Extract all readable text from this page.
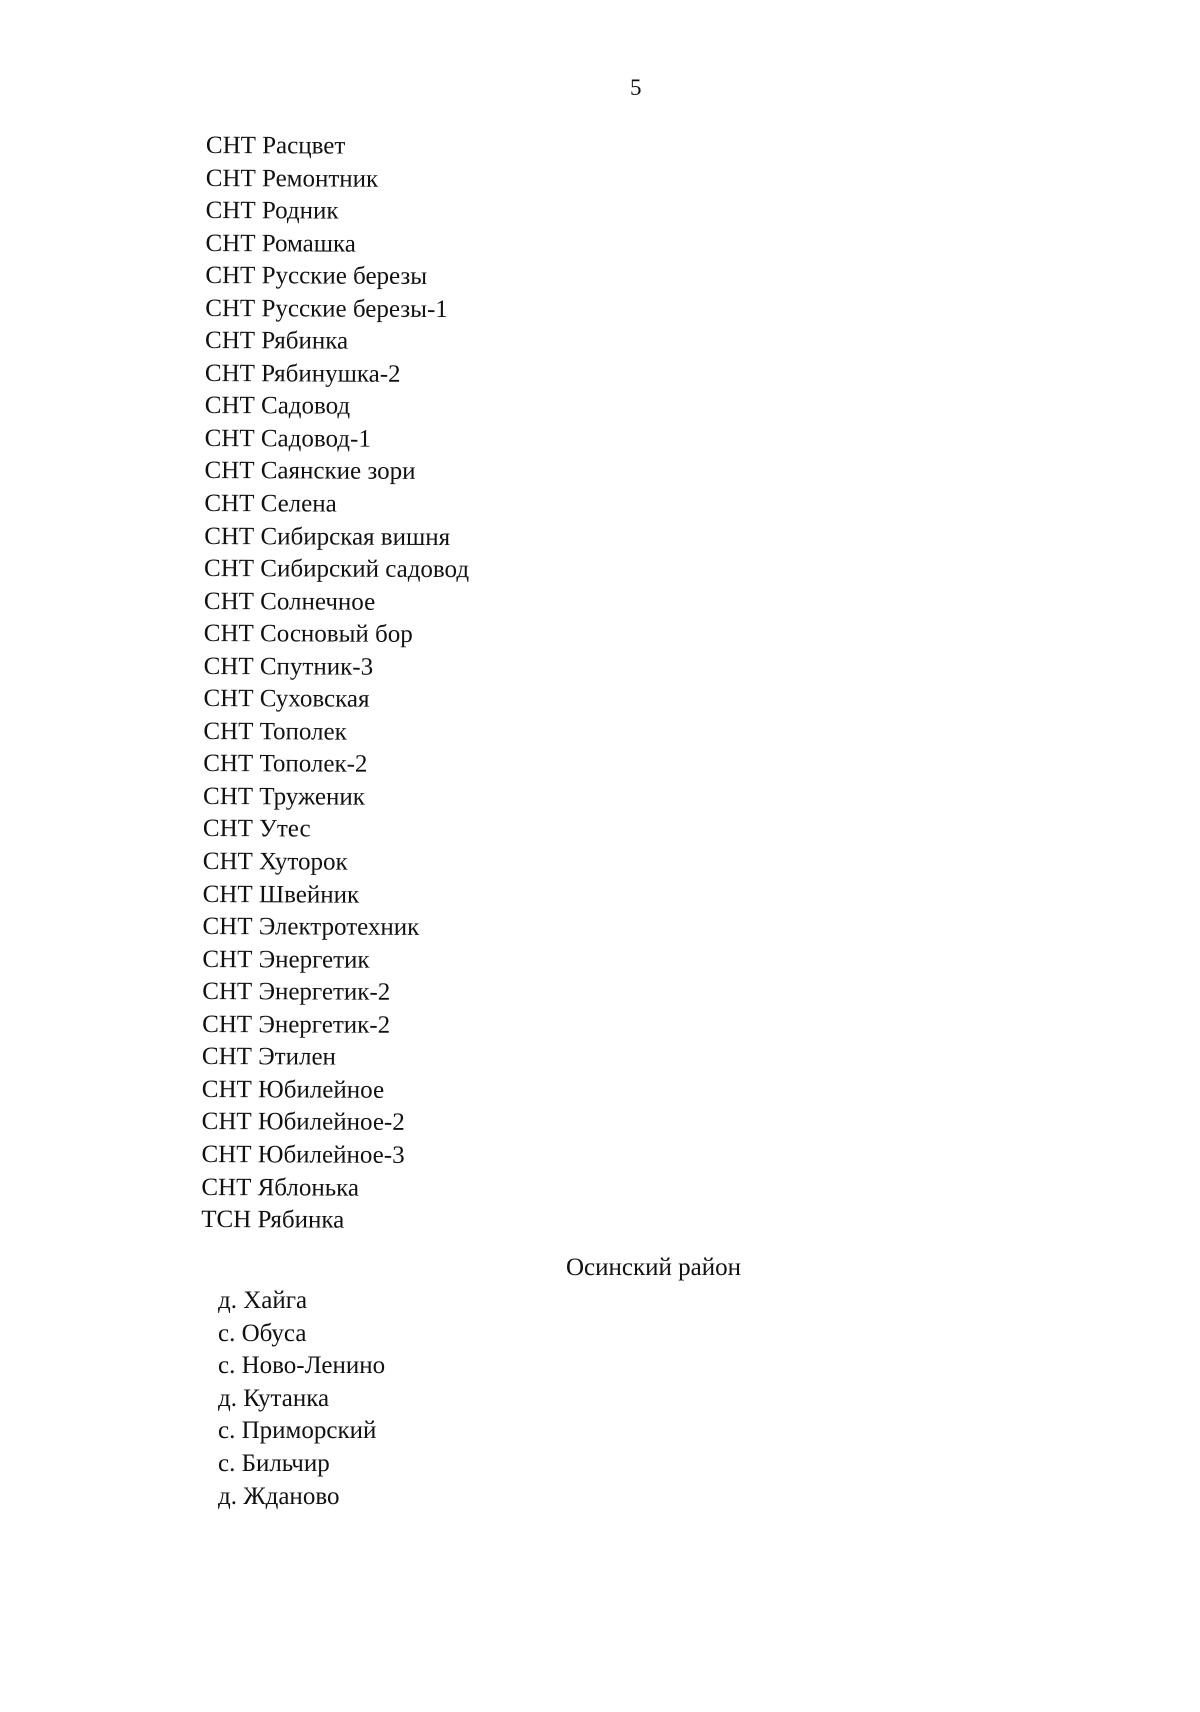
5
СНТ Расцвет
СНТ Ремонтник
СНТ Родник
СНТ Ромашка
СНТ Русские березы
СНТ Русские березы-1
СНТ Рябинка
СНТ Рябинушка-2
СНТ Садовод
СНТ Садовод-1
СНТ Саянские зори
СНТ Селена
СНТ Сибирская вишня
СНТ Сибирский садовод
СНТ Солнечное
СНТ Сосновый бор
СНТ Спутник-3
СНТ Суховская
СНТ Тополек
СНТ Тополек-2
СНТ Труженик
СНТ Утес
СНТ Хуторок
СНТ Швейник
СНТ Электротехник
СНТ Энергетик
СНТ Энергетик-2
СНТ Энергетик-2
СНТ Этилен
СНТ Юбилейное
СНТ Юбилейное-2
СНТ Юбилейное-3
СНТ Яблонька
ТСН Рябинка
Осинский район
д. Хайга
с. Обуса
с. Ново-Ленино
д. Кутанка
с. Приморский
с. Бильчир
д. Жданово
